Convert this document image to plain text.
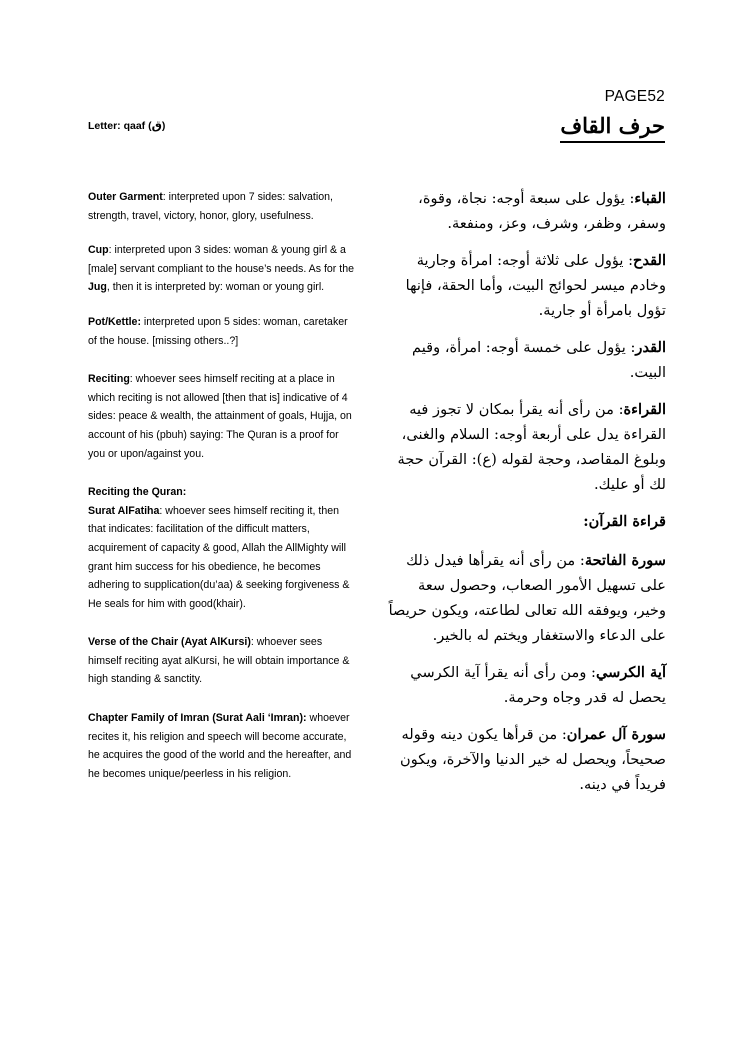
PAGE52
Letter: qaaf (ق)	حرف القاف

Outer Garment: interpreted upon 7 sides: salvation, strength, travel, victory, honor, glory, usefulness.

Cup: interpreted upon 3 sides: woman & young girl & a [male] servant compliant to the house’s needs. As for the Jug, then it is interpreted by: woman or young girl.

Pot/Kettle: interpreted upon 5 sides: woman, caretaker of the house. [missing others..?]

Reciting: whoever sees himself reciting at a place in which reciting is not allowed [then that is] indicative of 4 sides: peace & wealth, the attainment of goals, Hujja, on account of his (pbuh) saying: The Quran is a proof for you or upon/against you.

Reciting the Quran:

Surat AlFatiha: whoever sees himself reciting it, then that indicates: facilitation of the difficult matters, acquirement of capacity & good, Allah the AllMighty will grant him success for his obedience, he becomes adhering to supplication(du’aa) & seeking forgiveness & He seals for him with good(khair).

Verse of the Chair (Ayat AlKursi): whoever sees himself reciting ayat alKursi, he will obtain importance & high standing & sanctity.

Chapter Family of Imran (Surat Aali ‘Imran): whoever recites it, his religion and speech will become accurate, he acquires the good of the world and the hereafter, and he becomes unique/peerless in his religion.

القباء: يؤول على سبعة أوجه: نجاة، وقوة، وسفر، وظفر، وشرف، وعز، ومنفعة.

القدح: يؤول على ثلاثة أوجه: امرأة وجارية وخادم ميسر لحوائج البيت، وأما الحقة، فإنها تؤول بامرأة أو جارية.

القدر: يؤول على خمسة أوجه: امرأة، وقيم البيت.

القراءة: من رأى أنه يقرأ بمكان لا تجوز فيه القراءة يدل على أربعة أوجه: السلام والغنى، وبلوغ المقاصد، وحجة لقوله (ع): القرآن حجة لك أو عليك.

قراءة القرآن:

سورة الفاتحة: من رأى أنه يقرأها فيدل ذلك على تسهيل الأمور الصعاب، وحصول سعة وخير، ويوفقه الله تعالى لطاعته، ويكون حريصاً على الدعاء والاستغفار ويختم له بالخير.

آية الكرسي: ومن رأى أنه يقرأ آية الكرسي يحصل له قدر وجاه وحرمة.

سورة آل عمران: من قرأها يكون دينه وقوله صحيحاً، ويحصل له خير الدنيا والآخرة، ويكون فريداً في دينه.
